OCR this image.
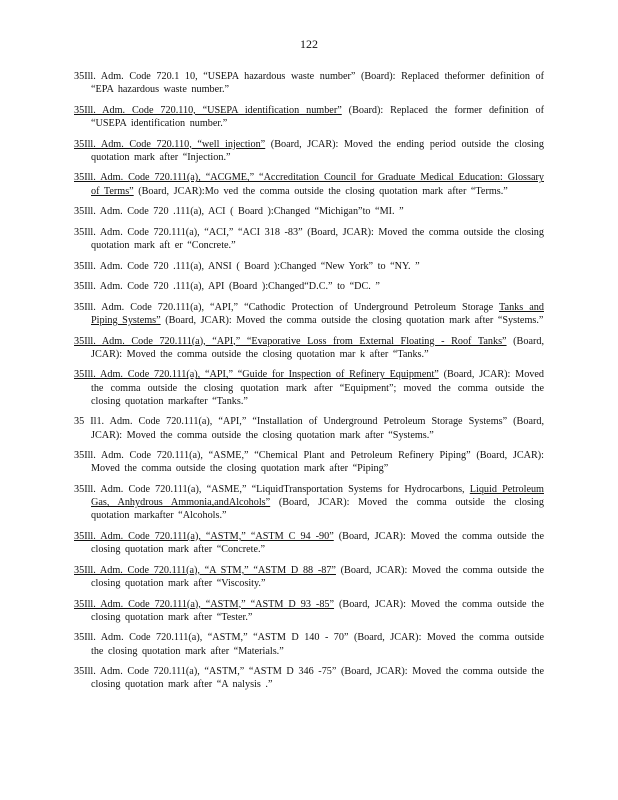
122

35Ill. Adm. Code 720.1 10, “USEPA hazardous waste number” (Board): Replaced theformer definition of “EPA hazardous waste number.”

35Ill. Adm. Code 720.110, “USEPA identification number” (Board): Replaced the former definition of “USEPA identification number.”

35Ill. Adm. Code 720.110, “well injection” (Board, JCAR): Moved the ending period outside the closing quotation mark after “Injection.”

35Ill. Adm. Code 720.111(a), “ACGME,” “Accreditation Council for Graduate Medical Education: Glossary of Terms” (Board, JCAR):Mo ved the comma outside the closing quotation mark after “Terms.”

35Ill. Adm. Code 720 .111(a), ACI ( Board ):Changed “Michigan”to “MI. ”

35Ill. Adm. Code 720.111(a), “ACI,” “ACI 318 -83” (Board, JCAR): Moved the comma outside the closing quotation mark aft er “Concrete.”

35Ill. Adm. Code 720 .111(a), ANSI ( Board ):Changed “New York” to “NY. ”

35Ill. Adm. Code 720 .111(a), API (Board ):Changed“D.C.” to “DC. ”

35Ill. Adm. Code 720.111(a), “API,” “Cathodic Protection of Underground Petroleum Storage Tanks and Piping Systems” (Board, JCAR): Moved the comma outside the closing quotation mark after “Systems.”

35Ill. Adm. Code 720.111(a), “API,” “Evaporative Loss from External Floating - Roof Tanks” (Board, JCAR): Moved the comma outside the closing quotation mar k after “Tanks.”

35Ill. Adm. Code 720.111(a), “API,” “Guide for Inspection of Refinery Equipment” (Board, JCAR): Moved the comma outside the closing quotation mark after “Equipment”; moved the comma outside the closing quotation markafter “Tanks.”

35 Il1. Adm. Code 720.111(a), “API,” “Installation of Underground Petroleum Storage Systems” (Board, JCAR): Moved the comma outside the closing quotation mark after “Systems.”

35Ill. Adm. Code 720.111(a), “ASME,” “Chemical Plant and Petroleum Refinery Piping” (Board, JCAR): Moved the comma outside the closing quotation mark after “Piping”

35Ill. Adm. Code 720.111(a), “ASME,” “LiquidTransportation Systems for Hydrocarbons, Liquid Petroleum Gas, Anhydrous Ammonia,andAlcohols” (Board, JCAR): Moved the comma outside the closing quotation markafter “Alcohols.”

35Ill. Adm. Code 720.111(a), “ASTM,” “ASTM C 94 -90” (Board, JCAR): Moved the comma outside the closing quotation mark after “Concrete.”

35Ill. Adm. Code 720.111(a), “A STM,” “ASTM D 88 -87” (Board, JCAR): Moved the comma outside the closing quotation mark after “Viscosity.”

35Ill. Adm. Code 720.111(a), “ASTM,” “ASTM D 93 -85” (Board, JCAR): Moved the comma outside the closing quotation mark after “Tester.”

35Ill. Adm. Code 720.111(a), “ASTM,” “ASTM D 140 - 70” (Board, JCAR): Moved the comma outside the closing quotation mark after “Materials.”

35Ill. Adm. Code 720.111(a), “ASTM,” “ASTM D 346 -75” (Board, JCAR): Moved the comma outside the closing quotation mark after “A nalysis .”
